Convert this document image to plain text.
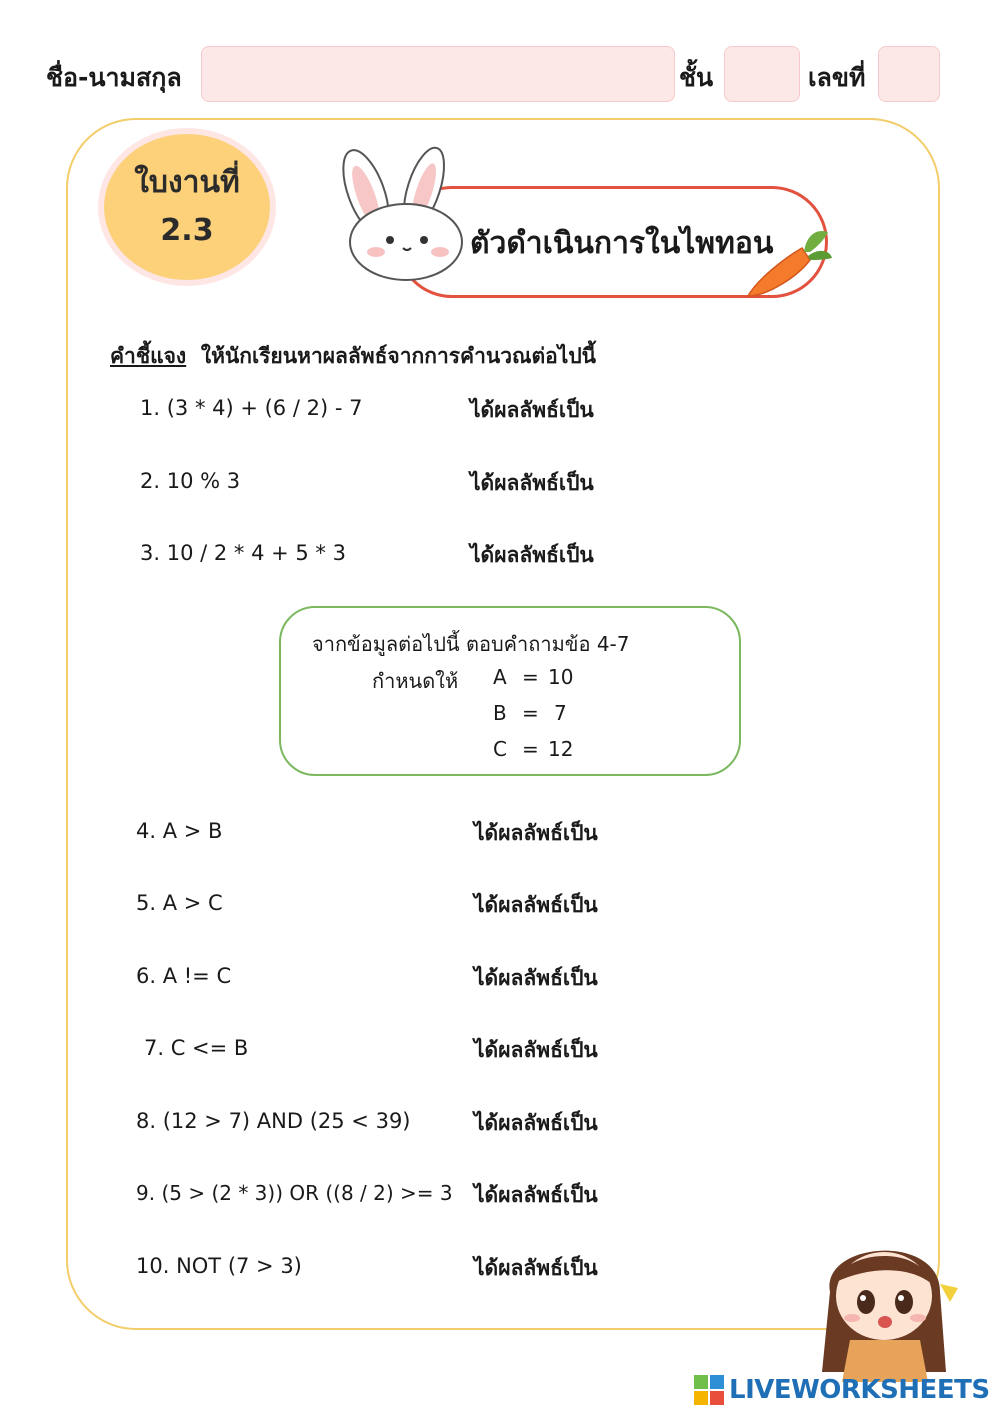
ชื่อ-นามสกุล	ชั้น	เลขที่
ใบงานที่
2.3	ตัวดำเนินการในไพทอน
คำชี้แจง ให้นักเรียนหาผลลัพธ์จากการคำนวณต่อไปนี้
1. (3 * 4) + (6 / 2) - 7	ได้ผลลัพธ์เป็น
2. 10 % 3	ได้ผลลัพธ์เป็น
3. 10 / 2 * 4 + 5 * 3	ได้ผลลัพธ์เป็น
จากข้อมูลต่อไปนี้ ตอบคำถามข้อ 4-7
กำหนดให้ A = 10
B = 7
C = 12
4. A > B	ได้ผลลัพธ์เป็น
5. A > C	ได้ผลลัพธ์เป็น
6. A != C	ได้ผลลัพธ์เป็น
7. C <= B	ได้ผลลัพธ์เป็น
8. (12 > 7) AND (25 < 39)	ได้ผลลัพธ์เป็น
9. (5 > (2 * 3)) OR ((8 / 2) >= 3 ได้ผลลัพธ์เป็น
10. NOT (7 > 3)	ได้ผลลัพธ์เป็น
LIVEWORKSHEETS
